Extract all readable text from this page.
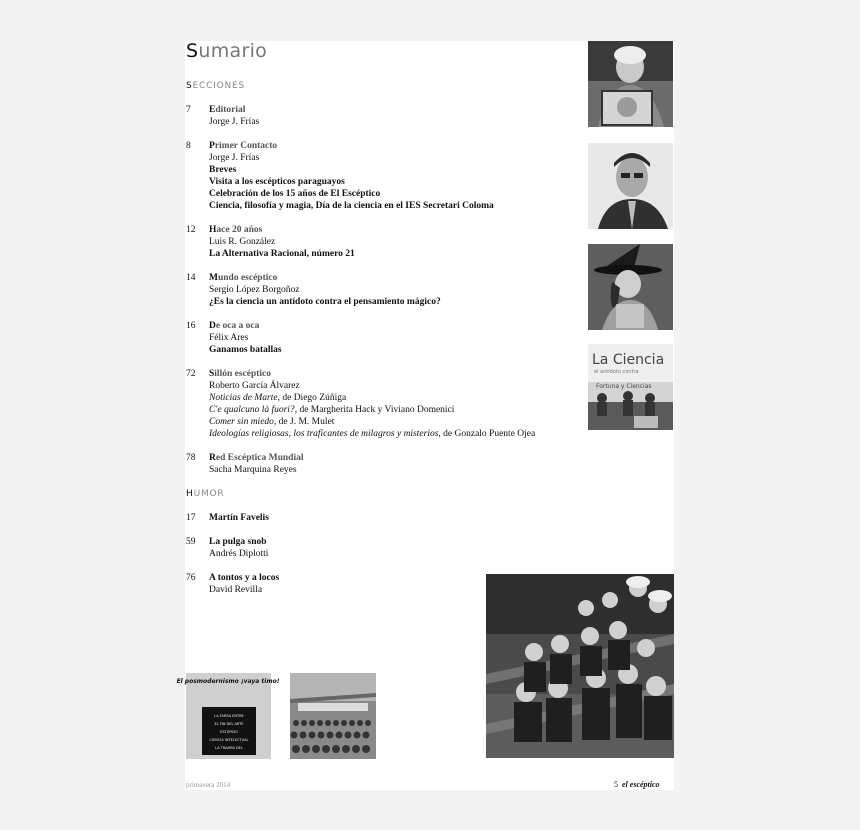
Sumario
SECCIONES
7	Editorial
Jorge J. Frías
8	Primer Contacto
Jorge J. Frías
Breves
Visita a los escépticos paraguayos
Celebración de los 15 años de El Escéptico
Ciencia, filosofía y magia, Día de la ciencia en el IES Secretari Coloma
12	Hace 20 años
Luis R. González
La Alternativa Racional, número 21
14	Mundo escéptico
Sergio López Borgoñoz
¿Es la ciencia un antídoto contra el pensamiento mágico?
16	De oca a oca
Félix Ares
Ganamos batallas
72	Sillón escéptico
Roberto García Álvarez
Noticias de Marte, de Diego Zúñiga
C'e qualcuno là fuori?, de Margherita Hack y Viviano Domenici
Comer sin miedo, de J. M. Mulet
Ideologías religiosas, los traficantes de milagros y misterios, de Gonzalo Puente Ojea
78	Red Escéptica Mundial
Sacha Marquina Reyes
HUMOR
17	Martín Favelis
59	La pulga snob
Andrés Diplotti
76	A tontos y a locos
David Revilla
La Ciencia
el antídoto contra
Fortuna y Ciencias
El posmodernismo ¡vaya timo!
LA FARSA ENTRE
EL FIN DEL ARTE
ESTÚPIDO
CIENCIA INTELECTUAL
LA TRAMPA DEL
primavera 2014	5 el escéptico
